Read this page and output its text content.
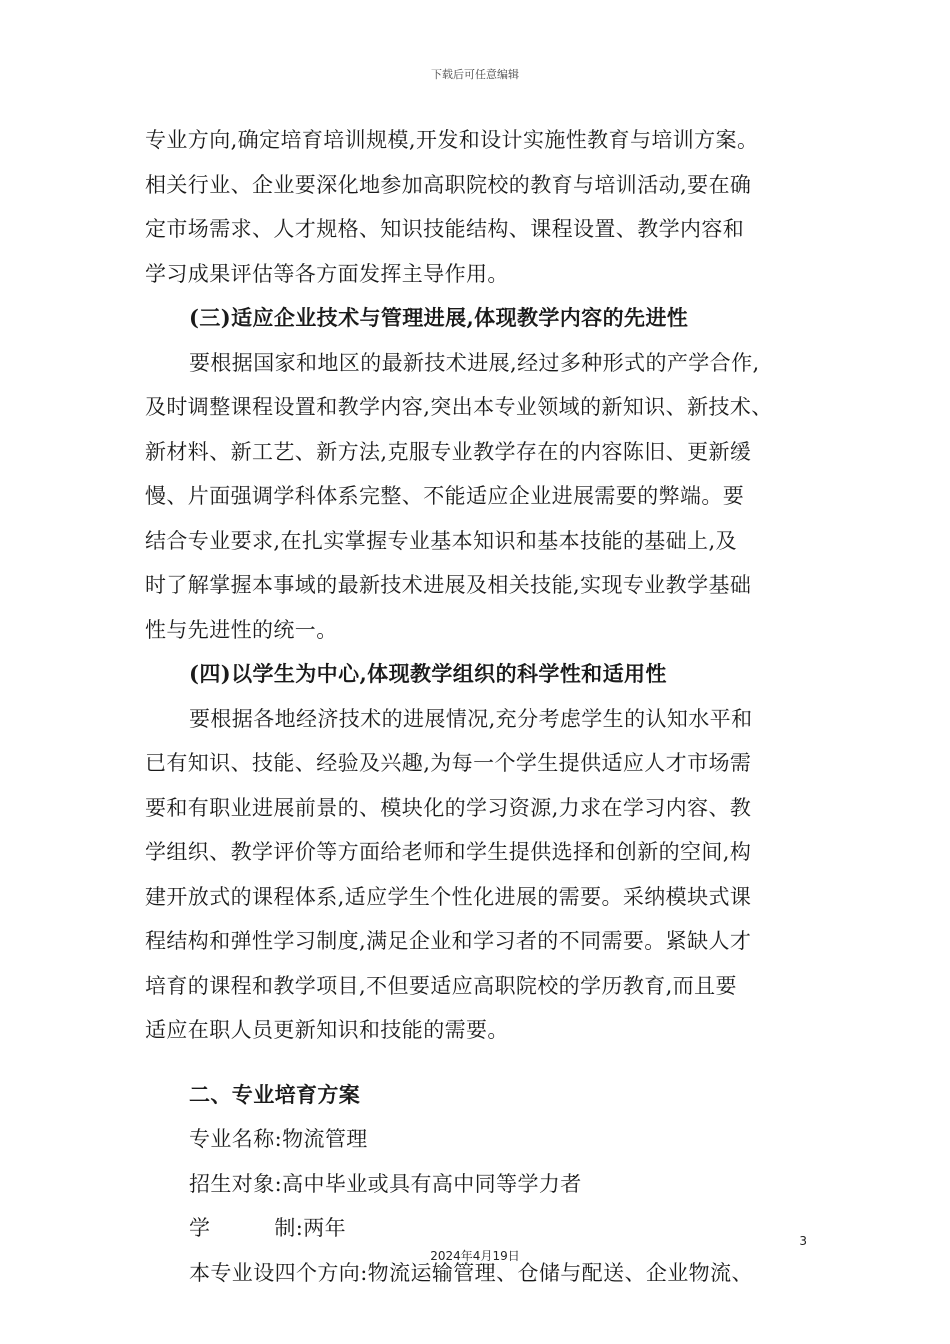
下载后可任意编辑
专业方向,确定培育培训规模,开发和设计实施性教育与培训方案。
相关行业、企业要深化地参加高职院校的教育与培训活动,要在确
定市场需求、人才规格、知识技能结构、课程设置、教学内容和
学习成果评估等各方面发挥主导作用。
(三)适应企业技术与管理进展,体现教学内容的先进性
要根据国家和地区的最新技术进展,经过多种形式的产学合作,
及时调整课程设置和教学内容,突出本专业领域的新知识、新技术、
新材料、新工艺、新方法,克服专业教学存在的内容陈旧、更新缓
慢、片面强调学科体系完整、不能适应企业进展需要的弊端。要
结合专业要求,在扎实掌握专业基本知识和基本技能的基础上,及
时了解掌握本事域的最新技术进展及相关技能,实现专业教学基础
性与先进性的统一。
(四)以学生为中心,体现教学组织的科学性和适用性
要根据各地经济技术的进展情况,充分考虑学生的认知水平和
已有知识、技能、经验及兴趣,为每一个学生提供适应人才市场需
要和有职业进展前景的、模块化的学习资源,力求在学习内容、教
学组织、教学评价等方面给老师和学生提供选择和创新的空间,构
建开放式的课程体系,适应学生个性化进展的需要。采纳模块式课
程结构和弹性学习制度,满足企业和学习者的不同需要。紧缺人才
培育的课程和教学项目,不但要适应高职院校的学历教育,而且要
适应在职人员更新知识和技能的需要。
二、专业培育方案
专业名称:物流管理
招生对象:高中毕业或具有高中同等学力者
学	制:两年
本专业设四个方向:物流运输管理、仓储与配送、企业物流、
3
2024年4月19日
